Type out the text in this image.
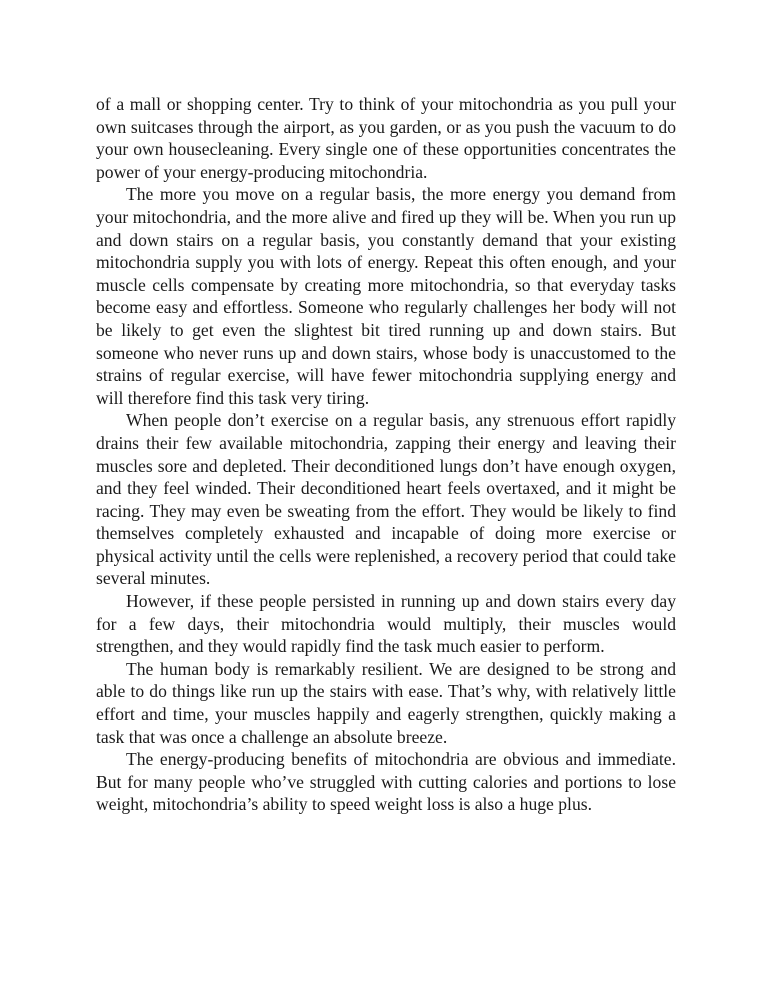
of a mall or shopping center. Try to think of your mitochondria as you pull your own suitcases through the airport, as you garden, or as you push the vacuum to do your own housecleaning. Every single one of these opportunities concentrates the power of your energy-producing mitochondria.

The more you move on a regular basis, the more energy you demand from your mitochondria, and the more alive and fired up they will be. When you run up and down stairs on a regular basis, you constantly demand that your existing mitochondria supply you with lots of energy. Repeat this often enough, and your muscle cells compensate by creating more mitochondria, so that everyday tasks become easy and effortless. Someone who regularly challenges her body will not be likely to get even the slightest bit tired running up and down stairs. But someone who never runs up and down stairs, whose body is unaccustomed to the strains of regular exercise, will have fewer mitochondria supplying energy and will therefore find this task very tiring.

When people don’t exercise on a regular basis, any strenuous effort rapidly drains their few available mitochondria, zapping their energy and leaving their muscles sore and depleted. Their deconditioned lungs don’t have enough oxygen, and they feel winded. Their deconditioned heart feels overtaxed, and it might be racing. They may even be sweating from the effort. They would be likely to find themselves completely exhausted and incapable of doing more exercise or physical activity until the cells were replenished, a recovery period that could take several minutes.

However, if these people persisted in running up and down stairs every day for a few days, their mitochondria would multiply, their muscles would strengthen, and they would rapidly find the task much easier to perform.

The human body is remarkably resilient. We are designed to be strong and able to do things like run up the stairs with ease. That’s why, with relatively little effort and time, your muscles happily and eagerly strengthen, quickly making a task that was once a challenge an absolute breeze.

The energy-producing benefits of mitochondria are obvious and immediate. But for many people who’ve struggled with cutting calories and portions to lose weight, mitochondria’s ability to speed weight loss is also a huge plus.
